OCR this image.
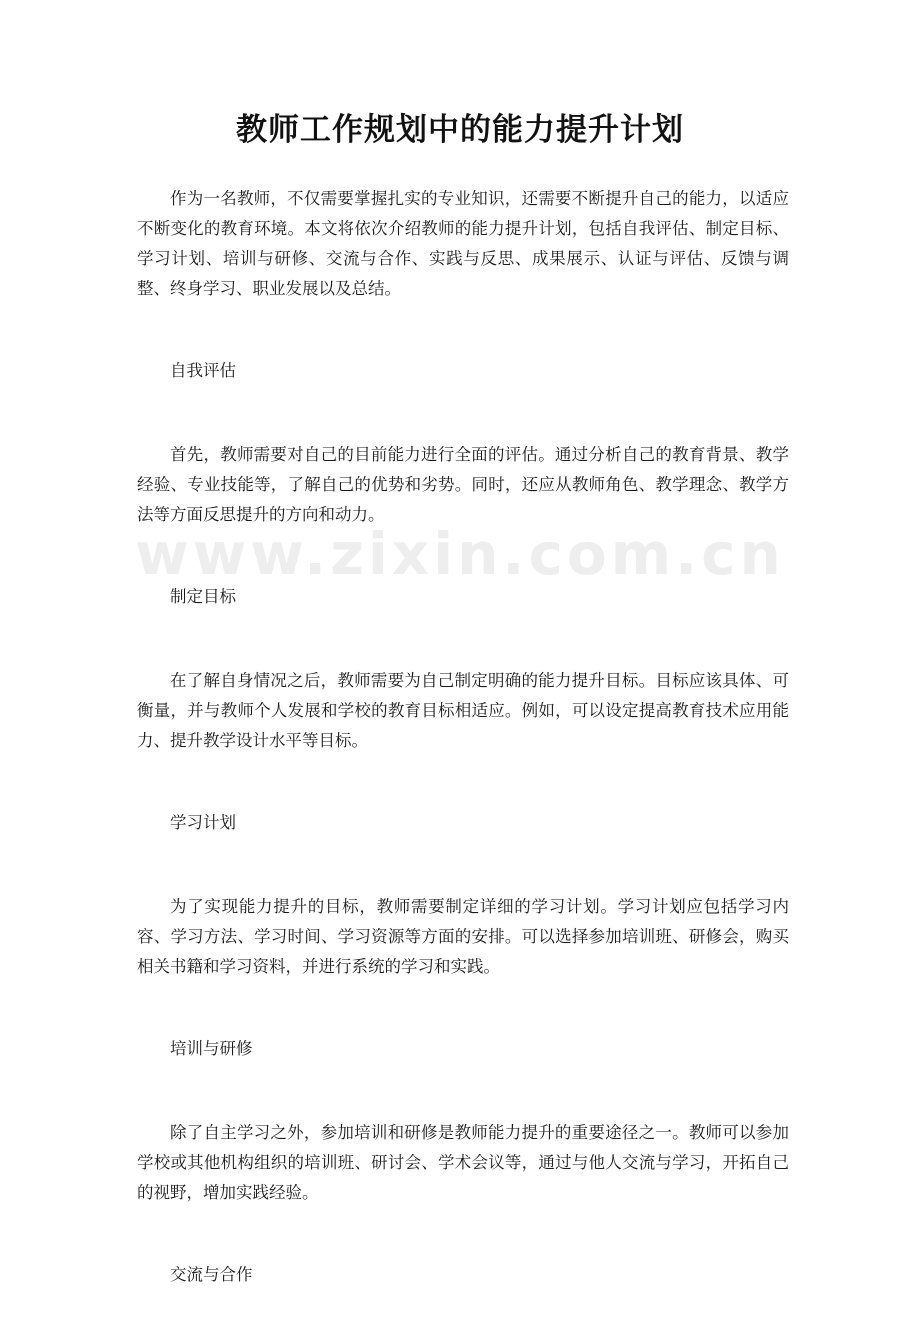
www.zixin.com.cn
教师工作规划中的能力提升计划

作为一名教师，不仅需要掌握扎实的专业知识，还需要不断提升自己的能力，以适应不断变化的教育环境。本文将依次介绍教师的能力提升计划，包括自我评估、制定目标、学习计划、培训与研修、交流与合作、实践与反思、成果展示、认证与评估、反馈与调整、终身学习、职业发展以及总结。

自我评估

首先，教师需要对自己的目前能力进行全面的评估。通过分析自己的教育背景、教学经验、专业技能等，了解自己的优势和劣势。同时，还应从教师角色、教学理念、教学方法等方面反思提升的方向和动力。

制定目标

在了解自身情况之后，教师需要为自己制定明确的能力提升目标。目标应该具体、可衡量，并与教师个人发展和学校的教育目标相适应。例如，可以设定提高教育技术应用能力、提升教学设计水平等目标。

学习计划

为了实现能力提升的目标，教师需要制定详细的学习计划。学习计划应包括学习内容、学习方法、学习时间、学习资源等方面的安排。可以选择参加培训班、研修会，购买相关书籍和学习资料，并进行系统的学习和实践。

培训与研修

除了自主学习之外，参加培训和研修是教师能力提升的重要途径之一。教师可以参加学校或其他机构组织的培训班、研讨会、学术会议等，通过与他人交流与学习，开拓自己的视野，增加实践经验。

交流与合作
